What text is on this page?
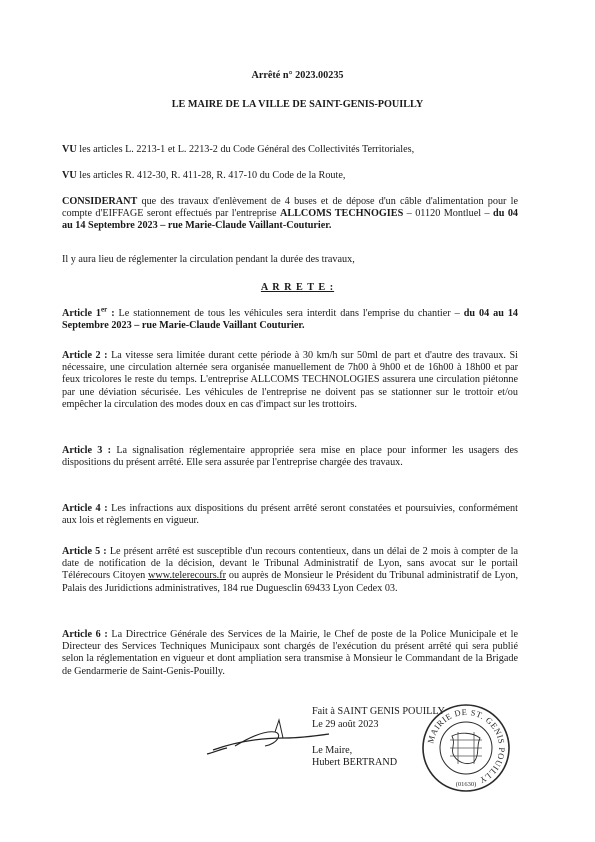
Arrêté n° 2023.00235
LE MAIRE DE LA VILLE DE SAINT-GENIS-POUILLY
VU les articles L. 2213-1 et L. 2213-2 du Code Général des Collectivités Territoriales,
VU les articles R. 412-30, R. 411-28, R. 417-10 du Code de la Route,
CONSIDERANT que des travaux d'enlèvement de 4 buses et de dépose d'un câble d'alimentation pour le compte d'EIFFAGE seront effectués par l'entreprise ALLCOMS TECHNOGIES – 01120 Montluel – du 04 au 14 Septembre 2023 – rue Marie-Claude Vaillant-Couturier.
Il y aura lieu de réglementer la circulation pendant la durée des travaux,
A R R E T E :
Article 1er : Le stationnement de tous les véhicules sera interdit dans l'emprise du chantier – du 04 au 14 Septembre 2023 – rue Marie-Claude Vaillant Couturier.
Article 2 : La vitesse sera limitée durant cette période à 30 km/h sur 50ml de part et d'autre des travaux. Si nécessaire, une circulation alternée sera organisée manuellement de 7h00 à 9h00 et de 16h00 à 18h00 et par feux tricolores le reste du temps. L'entreprise ALLCOMS TECHNOLOGIES assurera une circulation piétonne par une déviation sécurisée. Les véhicules de l'entreprise ne doivent pas se stationner sur le trottoir et/ou empêcher la circulation des modes doux en cas d'impact sur les trottoirs.
Article 3 : La signalisation réglementaire appropriée sera mise en place pour informer les usagers des dispositions du présent arrêté. Elle sera assurée par l'entreprise chargée des travaux.
Article 4 : Les infractions aux dispositions du présent arrêté seront constatées et poursuivies, conformément aux lois et règlements en vigueur.
Article 5 : Le présent arrêté est susceptible d'un recours contentieux, dans un délai de 2 mois à compter de la date de notification de la décision, devant le Tribunal Administratif de Lyon, sans avocat sur le portail Télérecours Citoyen www.telerecours.fr ou auprès de Monsieur le Président du Tribunal administratif de Lyon, Palais des Juridictions administratives, 184 rue Duguesclin 69433 Lyon Cedex 03.
Article 6 : La Directrice Générale des Services de la Mairie, le Chef de poste de la Police Municipale et le Directeur des Services Techniques Municipaux sont chargés de l'exécution du présent arrêté qui sera publié selon la réglementation en vigueur et dont ampliation sera transmise à Monsieur le Commandant de la Brigade de Gendarmerie de Saint-Genis-Pouilly.
Fait à SAINT GENIS POUILLY
Le 29 août 2023
Le Maire,
Hubert BERTRAND
MAIRIE DE ST. GENIS POUILLY
(01630)
